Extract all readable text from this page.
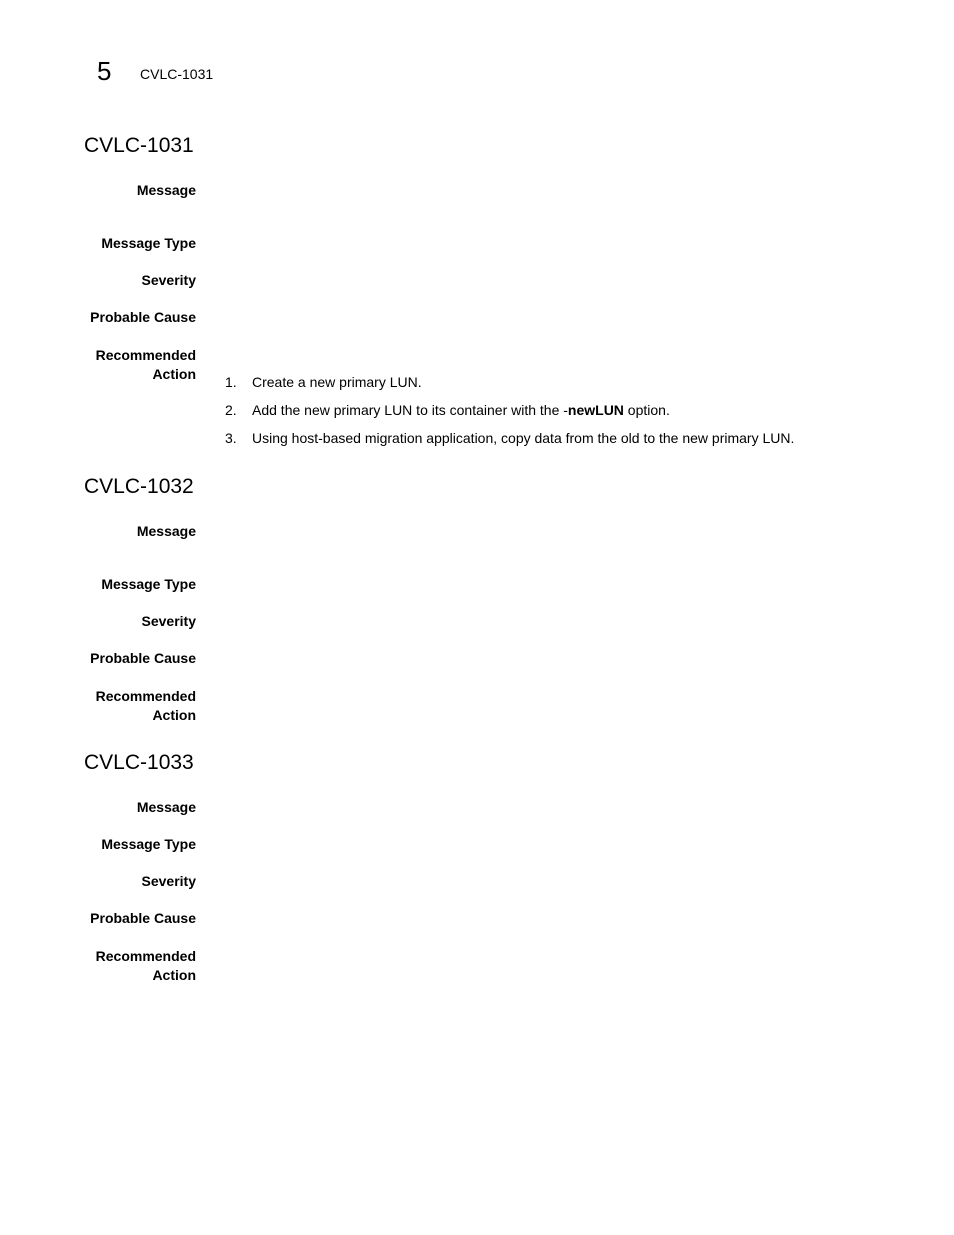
5 CVLC-1031
CVLC-1031
Message
Message Type
Severity
Probable Cause
Recommended
Action 1. Create a new primary LUN.
2. Add the new primary LUN to its container with the -newLUN option.
3. Using host-based migration application, copy data from the old to the new primary LUN.
CVLC-1032
Message
Message Type
Severity
Probable Cause
Recommended
Action
CVLC-1033
Message
Message Type
Severity
Probable Cause
Recommended
Action
